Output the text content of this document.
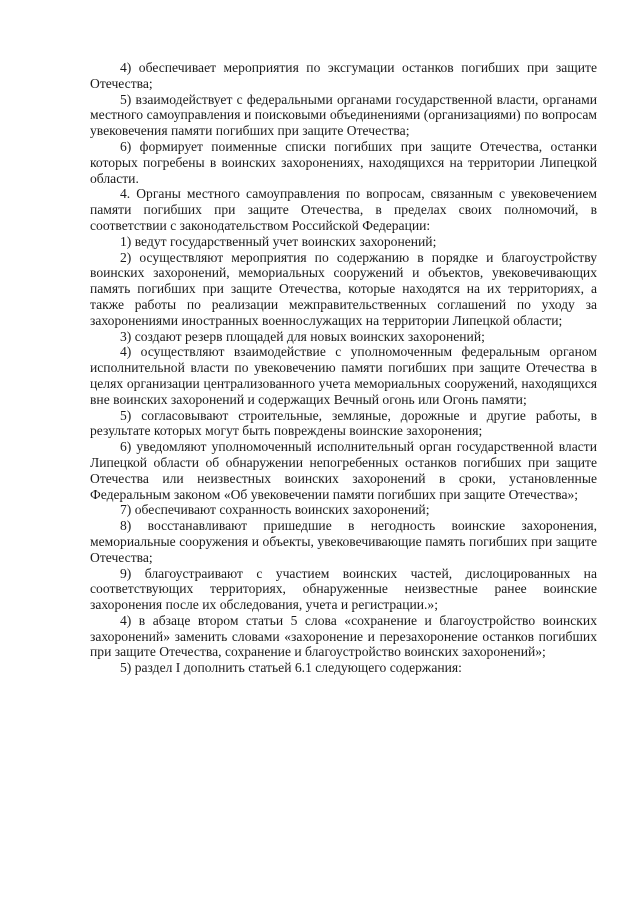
4) обеспечивает мероприятия по эксгумации останков погибших при защите Отечества;

5) взаимодействует с федеральными органами государственной власти, органами местного самоуправления и поисковыми объединениями (организациями) по вопросам увековечения памяти погибших при защите Отечества;

6) формирует поименные списки погибших при защите Отечества, останки которых погребены в воинских захоронениях, находящихся на территории Липецкой области.

4. Органы местного самоуправления по вопросам, связанным с увековечением памяти погибших при защите Отечества, в пределах своих полномочий, в соответствии с законодательством Российской Федерации:

1) ведут государственный учет воинских захоронений;

2) осуществляют мероприятия по содержанию в порядке и благоустройству воинских захоронений, мемориальных сооружений и объектов, увековечивающих память погибших при защите Отечества, которые находятся на их территориях, а также работы по реализации межправительственных соглашений по уходу за захоронениями иностранных военнослужащих на территории Липецкой области;

3) создают резерв площадей для новых воинских захоронений;

4) осуществляют взаимодействие с уполномоченным федеральным органом исполнительной власти по увековечению памяти погибших при защите Отечества в целях организации централизованного учета мемориальных сооружений, находящихся вне воинских захоронений и содержащих Вечный огонь или Огонь памяти;

5) согласовывают строительные, земляные, дорожные и другие работы, в результате которых могут быть повреждены воинские захоронения;

6) уведомляют уполномоченный исполнительный орган государственной власти Липецкой области об обнаружении непогребенных останков погибших при защите Отечества или неизвестных воинских захоронений в сроки, установленные Федеральным законом «Об увековечении памяти погибших при защите Отечества»;

7) обеспечивают сохранность воинских захоронений;

8) восстанавливают пришедшие в негодность воинские захоронения, мемориальные сооружения и объекты, увековечивающие память погибших при защите Отечества;

9) благоустраивают с участием воинских частей, дислоцированных на соответствующих территориях, обнаруженные неизвестные ранее воинские захоронения после их обследования, учета и регистрации.»;

4) в абзаце втором статьи 5 слова «сохранение и благоустройство воинских захоронений» заменить словами «захоронение и перезахоронение останков погибших при защите Отечества, сохранение и благоустройство воинских захоронений»;

5) раздел I дополнить статьей 6.1 следующего содержания:
